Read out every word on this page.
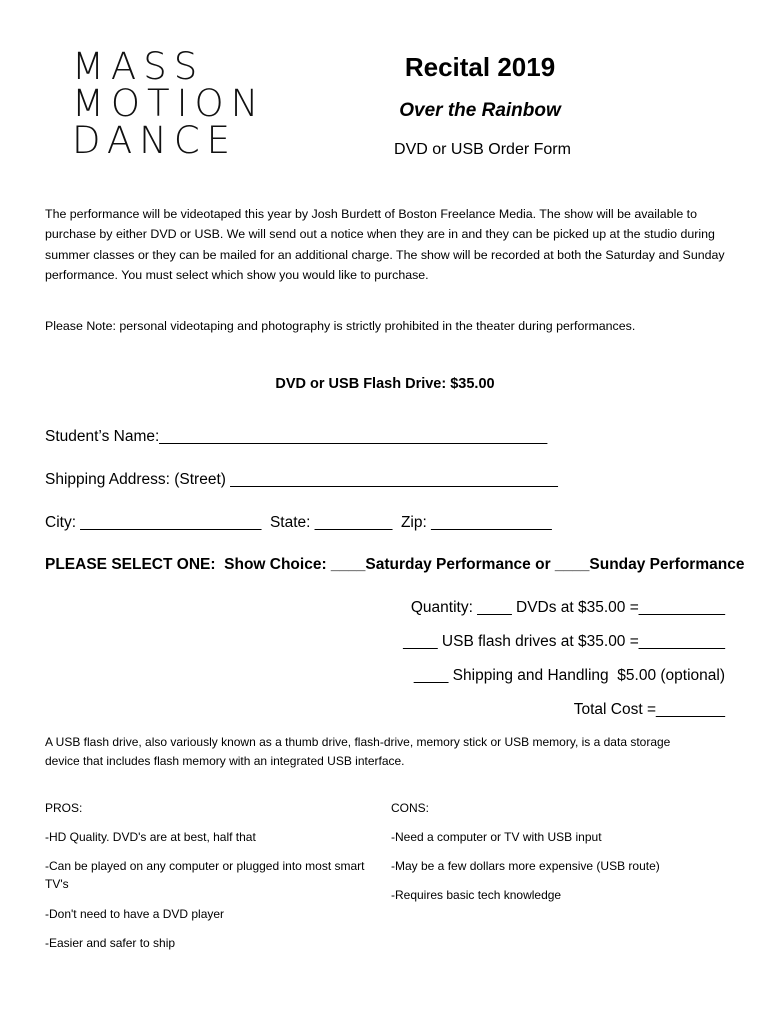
MASS
MOTION
DANCE
Recital 2019
Over the Rainbow
DVD or USB Order Form
The performance will be videotaped this year by Josh Burdett of Boston Freelance Media. The show will be available to purchase by either DVD or USB. We will send out a notice when they are in and they can be picked up at the studio during summer classes or they can be mailed for an additional charge. The show will be recorded at both the Saturday and Sunday performance. You must select which show you would like to purchase.
Please Note: personal videotaping and photography is strictly prohibited in the theater during performances.
DVD or USB Flash Drive: $35.00
Student’s Name:_____________________________________________
Shipping Address: (Street) ______________________________________
City: _____________________  State: _________  Zip: ______________
PLEASE SELECT ONE:  Show Choice: ____Saturday Performance or ____Sunday Performance
Quantity: ____ DVDs at $35.00 =__________
____ USB flash drives at $35.00 =__________
____ Shipping and Handling  $5.00 (optional)
Total Cost =________
A USB flash drive, also variously known as a thumb drive, flash-drive, memory stick or USB memory, is a data storage device that includes flash memory with an integrated USB interface.
PROS:
-HD Quality. DVD's are at best, half that
-Can be played on any computer or plugged into most smart TV's
-Don't need to have a DVD player
-Easier and safer to ship
CONS:
-Need a computer or TV with USB input
-May be a few dollars more expensive (USB route)
-Requires basic tech knowledge
